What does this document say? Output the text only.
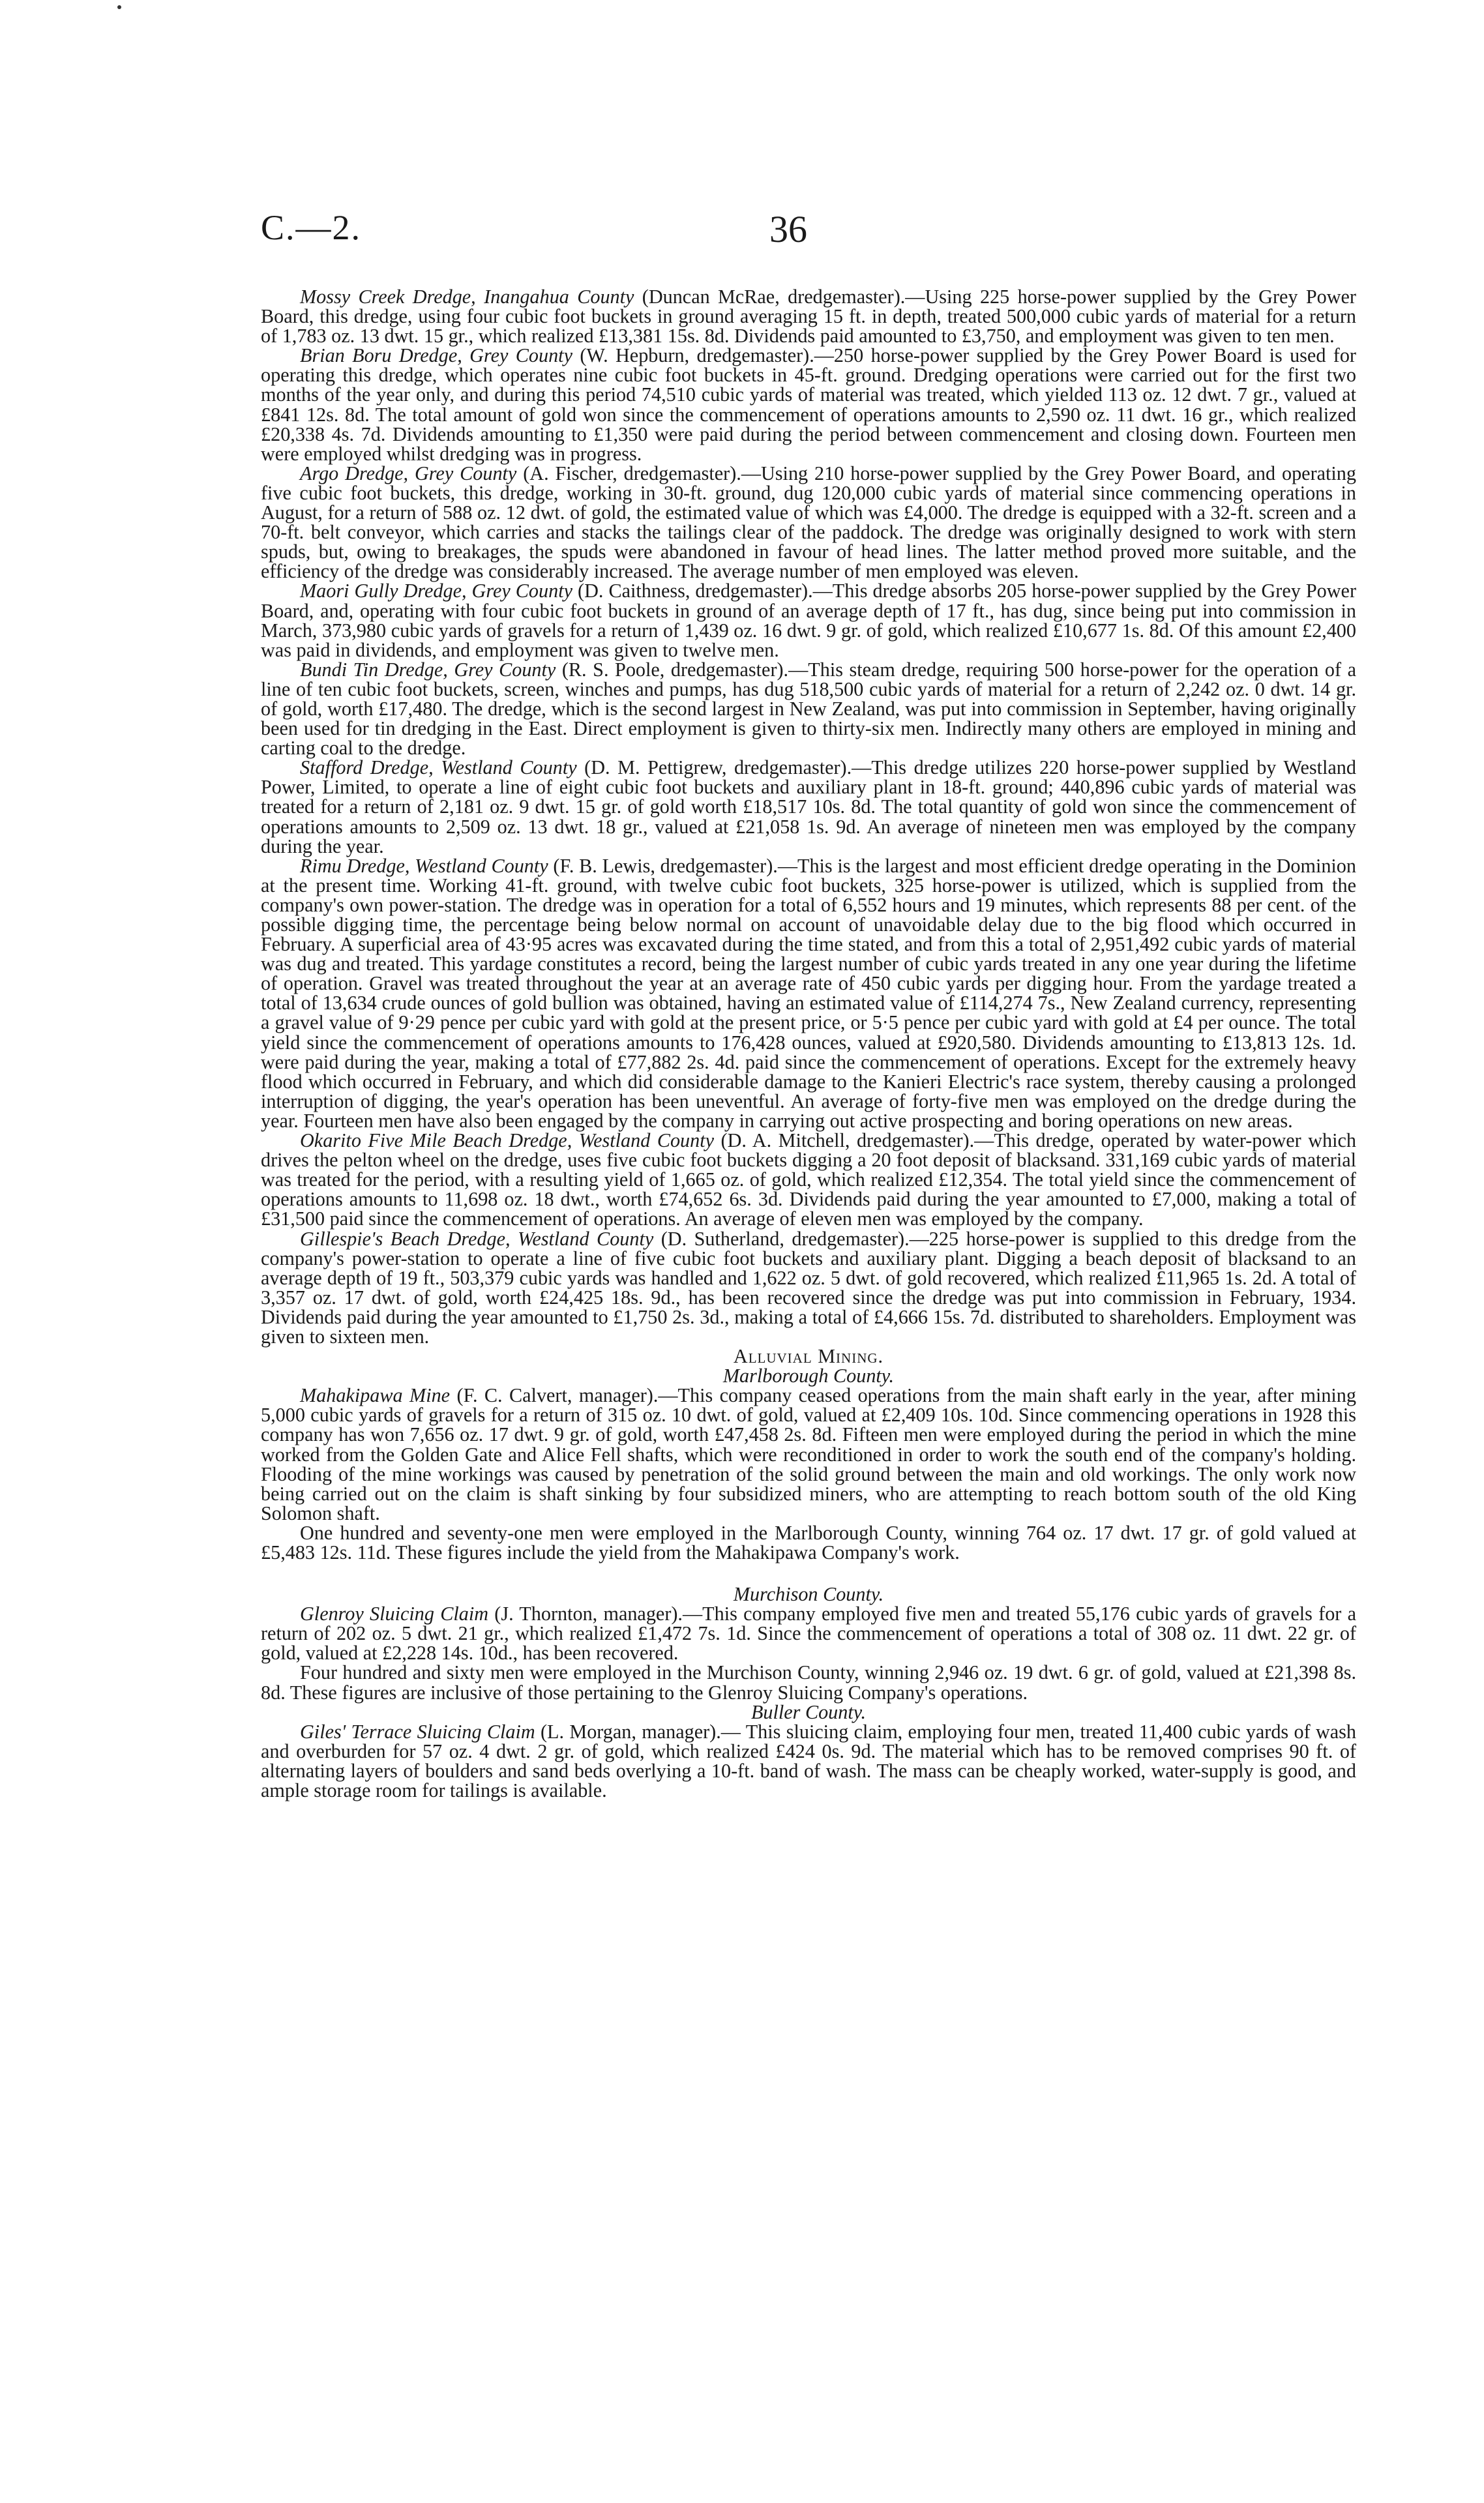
C.—2.	36

Mossy Creek Dredge, Inangahua County (Duncan McRae, dredgemaster).—Using 225 horse-power supplied by the Grey Power Board, this dredge, using four cubic foot buckets in ground averaging 15 ft. in depth, treated 500,000 cubic yards of material for a return of 1,783 oz. 13 dwt. 15 gr., which realized £13,381 15s. 8d. Dividends paid amounted to £3,750, and employment was given to ten men.

Brian Boru Dredge, Grey County (W. Hepburn, dredgemaster).—250 horse-power supplied by the Grey Power Board is used for operating this dredge, which operates nine cubic foot buckets in 45-ft. ground. Dredging operations were carried out for the first two months of the year only, and during this period 74,510 cubic yards of material was treated, which yielded 113 oz. 12 dwt. 7 gr., valued at £841 12s. 8d. The total amount of gold won since the commencement of operations amounts to 2,590 oz. 11 dwt. 16 gr., which realized £20,338 4s. 7d. Dividends amounting to £1,350 were paid during the period between commencement and closing down. Fourteen men were employed whilst dredging was in progress.

Argo Dredge, Grey County (A. Fischer, dredgemaster).—Using 210 horse-power supplied by the Grey Power Board, and operating five cubic foot buckets, this dredge, working in 30-ft. ground, dug 120,000 cubic yards of material since commencing operations in August, for a return of 588 oz. 12 dwt. of gold, the estimated value of which was £4,000. The dredge is equipped with a 32-ft. screen and a 70-ft. belt conveyor, which carries and stacks the tailings clear of the paddock. The dredge was originally designed to work with stern spuds, but, owing to breakages, the spuds were abandoned in favour of head lines. The latter method proved more suitable, and the efficiency of the dredge was considerably increased. The average number of men employed was eleven.

Maori Gully Dredge, Grey County (D. Caithness, dredgemaster).—This dredge absorbs 205 horse-power supplied by the Grey Power Board, and, operating with four cubic foot buckets in ground of an average depth of 17 ft., has dug, since being put into commission in March, 373,980 cubic yards of gravels for a return of 1,439 oz. 16 dwt. 9 gr. of gold, which realized £10,677 1s. 8d. Of this amount £2,400 was paid in dividends, and employment was given to twelve men.

Bundi Tin Dredge, Grey County (R. S. Poole, dredgemaster).—This steam dredge, requiring 500 horse-power for the operation of a line of ten cubic foot buckets, screen, winches and pumps, has dug 518,500 cubic yards of material for a return of 2,242 oz. 0 dwt. 14 gr. of gold, worth £17,480. The dredge, which is the second largest in New Zealand, was put into commission in September, having originally been used for tin dredging in the East. Direct employment is given to thirty-six men. Indirectly many others are employed in mining and carting coal to the dredge.

Stafford Dredge, Westland County (D. M. Pettigrew, dredgemaster).—This dredge utilizes 220 horse-power supplied by Westland Power, Limited, to operate a line of eight cubic foot buckets and auxiliary plant in 18-ft. ground; 440,896 cubic yards of material was treated for a return of 2,181 oz. 9 dwt. 15 gr. of gold worth £18,517 10s. 8d. The total quantity of gold won since the commencement of operations amounts to 2,509 oz. 13 dwt. 18 gr., valued at £21,058 1s. 9d. An average of nineteen men was employed by the company during the year.

Rimu Dredge, Westland County (F. B. Lewis, dredgemaster).—This is the largest and most efficient dredge operating in the Dominion at the present time. Working 41-ft. ground, with twelve cubic foot buckets, 325 horse-power is utilized, which is supplied from the company's own power-station. The dredge was in operation for a total of 6,552 hours and 19 minutes, which represents 88 per cent. of the possible digging time, the percentage being below normal on account of unavoidable delay due to the big flood which occurred in February. A superficial area of 43·95 acres was excavated during the time stated, and from this a total of 2,951,492 cubic yards of material was dug and treated. This yardage constitutes a record, being the largest number of cubic yards treated in any one year during the lifetime of operation. Gravel was treated throughout the year at an average rate of 450 cubic yards per digging hour. From the yardage treated a total of 13,634 crude ounces of gold bullion was obtained, having an estimated value of £114,274 7s., New Zealand currency, representing a gravel value of 9·29 pence per cubic yard with gold at the present price, or 5·5 pence per cubic yard with gold at £4 per ounce. The total yield since the commencement of operations amounts to 176,428 ounces, valued at £920,580. Dividends amounting to £13,813 12s. 1d. were paid during the year, making a total of £77,882 2s. 4d. paid since the commencement of operations. Except for the extremely heavy flood which occurred in February, and which did considerable damage to the Kanieri Electric's race system, thereby causing a prolonged interruption of digging, the year's operation has been uneventful. An average of forty-five men was employed on the dredge during the year. Fourteen men have also been engaged by the company in carrying out active prospecting and boring operations on new areas.

Okarito Five Mile Beach Dredge, Westland County (D. A. Mitchell, dredgemaster).—This dredge, operated by water-power which drives the pelton wheel on the dredge, uses five cubic foot buckets digging a 20 foot deposit of blacksand. 331,169 cubic yards of material was treated for the period, with a resulting yield of 1,665 oz. of gold, which realized £12,354. The total yield since the commencement of operations amounts to 11,698 oz. 18 dwt., worth £74,652 6s. 3d. Dividends paid during the year amounted to £7,000, making a total of £31,500 paid since the commencement of operations. An average of eleven men was employed by the company.

Gillespie's Beach Dredge, Westland County (D. Sutherland, dredgemaster).—225 horse-power is supplied to this dredge from the company's power-station to operate a line of five cubic foot buckets and auxiliary plant. Digging a beach deposit of blacksand to an average depth of 19 ft., 503,379 cubic yards was handled and 1,622 oz. 5 dwt. of gold recovered, which realized £11,965 1s. 2d. A total of 3,357 oz. 17 dwt. of gold, worth £24,425 18s. 9d., has been recovered since the dredge was put into commission in February, 1934. Dividends paid during the year amounted to £1,750 2s. 3d., making a total of £4,666 15s. 7d. distributed to shareholders. Employment was given to sixteen men.

Alluvial Mining.

Marlborough County.

Mahakipawa Mine (F. C. Calvert, manager).—This company ceased operations from the main shaft early in the year, after mining 5,000 cubic yards of gravels for a return of 315 oz. 10 dwt. of gold, valued at £2,409 10s. 10d. Since commencing operations in 1928 this company has won 7,656 oz. 17 dwt. 9 gr. of gold, worth £47,458 2s. 8d. Fifteen men were employed during the period in which the mine worked from the Golden Gate and Alice Fell shafts, which were reconditioned in order to work the south end of the company's holding. Flooding of the mine workings was caused by penetration of the solid ground between the main and old workings. The only work now being carried out on the claim is shaft sinking by four subsidized miners, who are attempting to reach bottom south of the old King Solomon shaft.

One hundred and seventy-one men were employed in the Marlborough County, winning 764 oz. 17 dwt. 17 gr. of gold valued at £5,483 12s. 11d. These figures include the yield from the Mahakipawa Company's work.

Murchison County.

Glenroy Sluicing Claim (J. Thornton, manager).—This company employed five men and treated 55,176 cubic yards of gravels for a return of 202 oz. 5 dwt. 21 gr., which realized £1,472 7s. 1d. Since the commencement of operations a total of 308 oz. 11 dwt. 22 gr. of gold, valued at £2,228 14s. 10d., has been recovered.

Four hundred and sixty men were employed in the Murchison County, winning 2,946 oz. 19 dwt. 6 gr. of gold, valued at £21,398 8s. 8d. These figures are inclusive of those pertaining to the Glenroy Sluicing Company's operations.

Buller County.

Giles' Terrace Sluicing Claim (L. Morgan, manager).— This sluicing claim, employing four men, treated 11,400 cubic yards of wash and overburden for 57 oz. 4 dwt. 2 gr. of gold, which realized £424 0s. 9d. The material which has to be removed comprises 90 ft. of alternating layers of boulders and sand beds overlying a 10-ft. band of wash. The mass can be cheaply worked, water-supply is good, and ample storage room for tailings is available.
